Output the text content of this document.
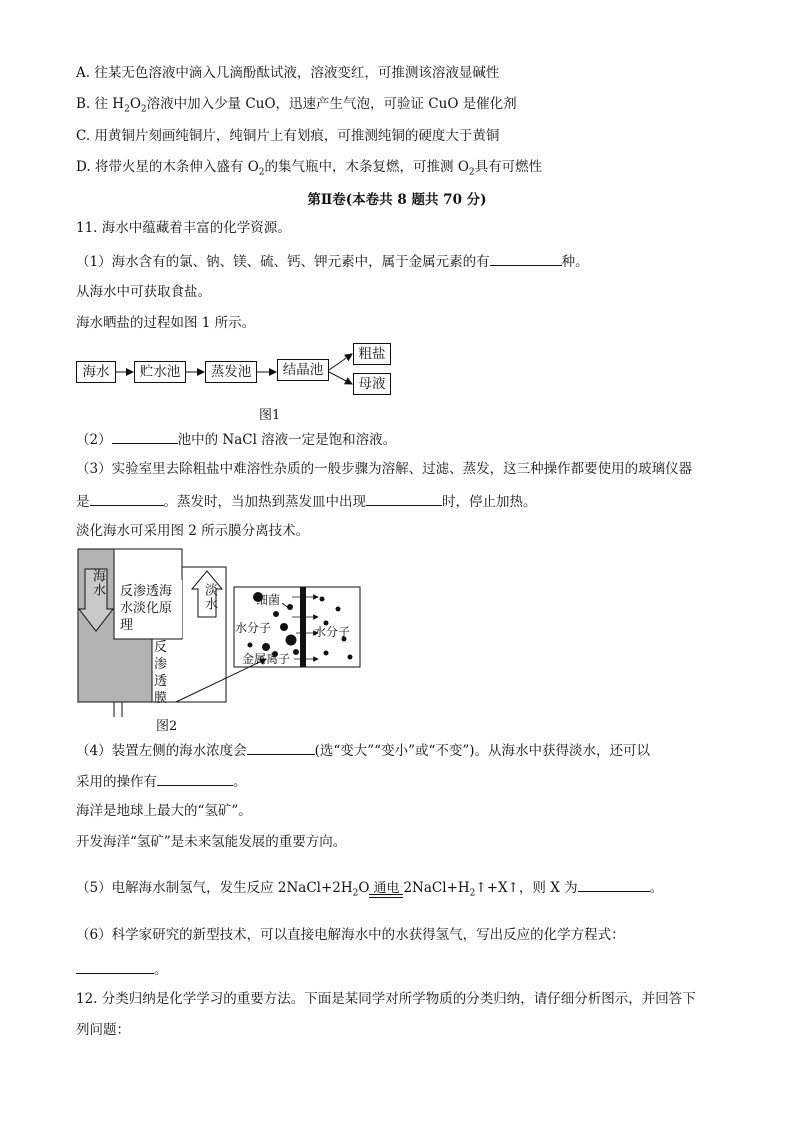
A. 往某无色溶液中滴入几滴酚酞试液，溶液变红，可推测该溶液显碱性
B. 往 $H_2O_2$溶液中加入少量 CuO，迅速产生气泡，可验证 CuO 是催化剂
C. 用黄铜片刻画纯铜片，纯铜片上有划痕，可推测纯铜的硬度大于黄铜
D. 将带火星的木条伸入盛有 $O_2$的集气瓶中，木条复燃，可推测 $O_2$具有可燃性
第Ⅱ卷(本卷共 8 题共 70 分)
11. 海水中蕴藏着丰富的化学资源。
（1）海水含有的氯、钠、镁、硫、钙、钾元素中，属于金属元素的有	种。
从海水中可获取食盐。
海水晒盐的过程如图 1 所示。
海水	贮水池	蒸发池	结晶池
粗盐
母液
图1
（2）	池中的 NaCl 溶液一定是饱和溶液。
（3）实验室里去除粗盐中难溶性杂质的一般步骤为溶解、过滤、蒸发，这三种操作都要使用的玻璃仪器
是	。蒸发时，当加热到蒸发皿中出现	时，停止加热。
淡化海水可采用图 2 所示膜分离技术。
海水	淡水
反渗透海水淡化原理
反渗透膜
细菌
水分子	水分子
金属离子
图2
（4）装置左侧的海水浓度会	(选“变大”“变小”或“不变”)。从海水中获得淡水，还可以
采用的操作有	。
海洋是地球上最大的“氢矿”。
开发海洋“氢矿”是未来氢能发展的重要方向。
（5）电解海水制氢气，发生反应 $2NaCl+2H_2O$ 通电 $2NaCl+H_2↑+X↑$，则 X 为	。
（6）科学家研究的新型技术，可以直接电解海水中的水获得氢气，写出反应的化学方程式：
。
12. 分类归纳是化学学习的重要方法。下面是某同学对所学物质的分类归纳，请仔细分析图示，并回答下
列问题：
